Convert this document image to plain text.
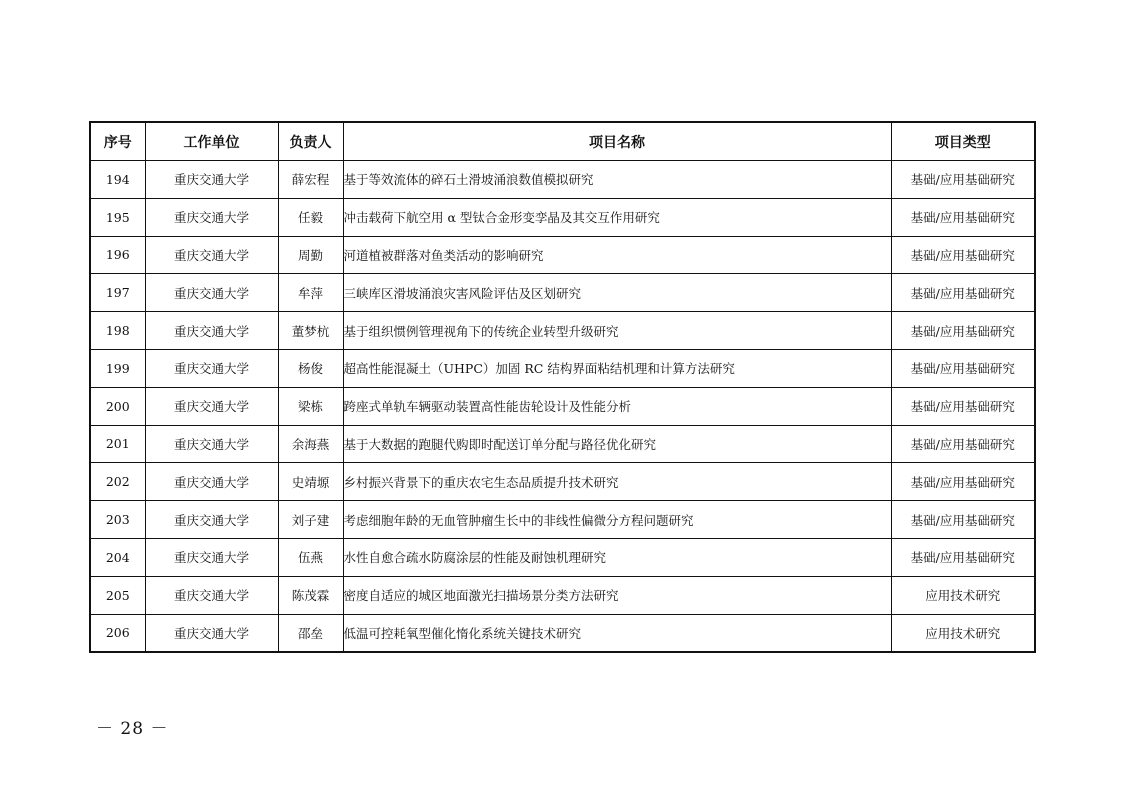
序号	工作单位	负责人	项目名称	项目类型
194	重庆交通大学	薛宏程	基于等效流体的碎石土滑坡涌浪数值模拟研究	基础/应用基础研究
195	重庆交通大学	任毅	冲击载荷下航空用 α 型钛合金形变孪晶及其交互作用研究	基础/应用基础研究
196	重庆交通大学	周勤	河道植被群落对鱼类活动的影响研究	基础/应用基础研究
197	重庆交通大学	牟萍	三峡库区滑坡涌浪灾害风险评估及区划研究	基础/应用基础研究
198	重庆交通大学	董梦杭	基于组织惯例管理视角下的传统企业转型升级研究	基础/应用基础研究
199	重庆交通大学	杨俊	超高性能混凝土（UHPC）加固 RC 结构界面粘结机理和计算方法研究	基础/应用基础研究
200	重庆交通大学	梁栋	跨座式单轨车辆驱动装置高性能齿轮设计及性能分析	基础/应用基础研究
201	重庆交通大学	余海燕	基于大数据的跑腿代购即时配送订单分配与路径优化研究	基础/应用基础研究
202	重庆交通大学	史靖塬	乡村振兴背景下的重庆农宅生态品质提升技术研究	基础/应用基础研究
203	重庆交通大学	刘子建	考虑细胞年龄的无血管肿瘤生长中的非线性偏微分方程问题研究	基础/应用基础研究
204	重庆交通大学	伍燕	水性自愈合疏水防腐涂层的性能及耐蚀机理研究	基础/应用基础研究
205	重庆交通大学	陈茂霖	密度自适应的城区地面激光扫描场景分类方法研究	应用技术研究
206	重庆交通大学	邵垒	低温可控耗氧型催化惰化系统关键技术研究	应用技术研究
－ 28 －
